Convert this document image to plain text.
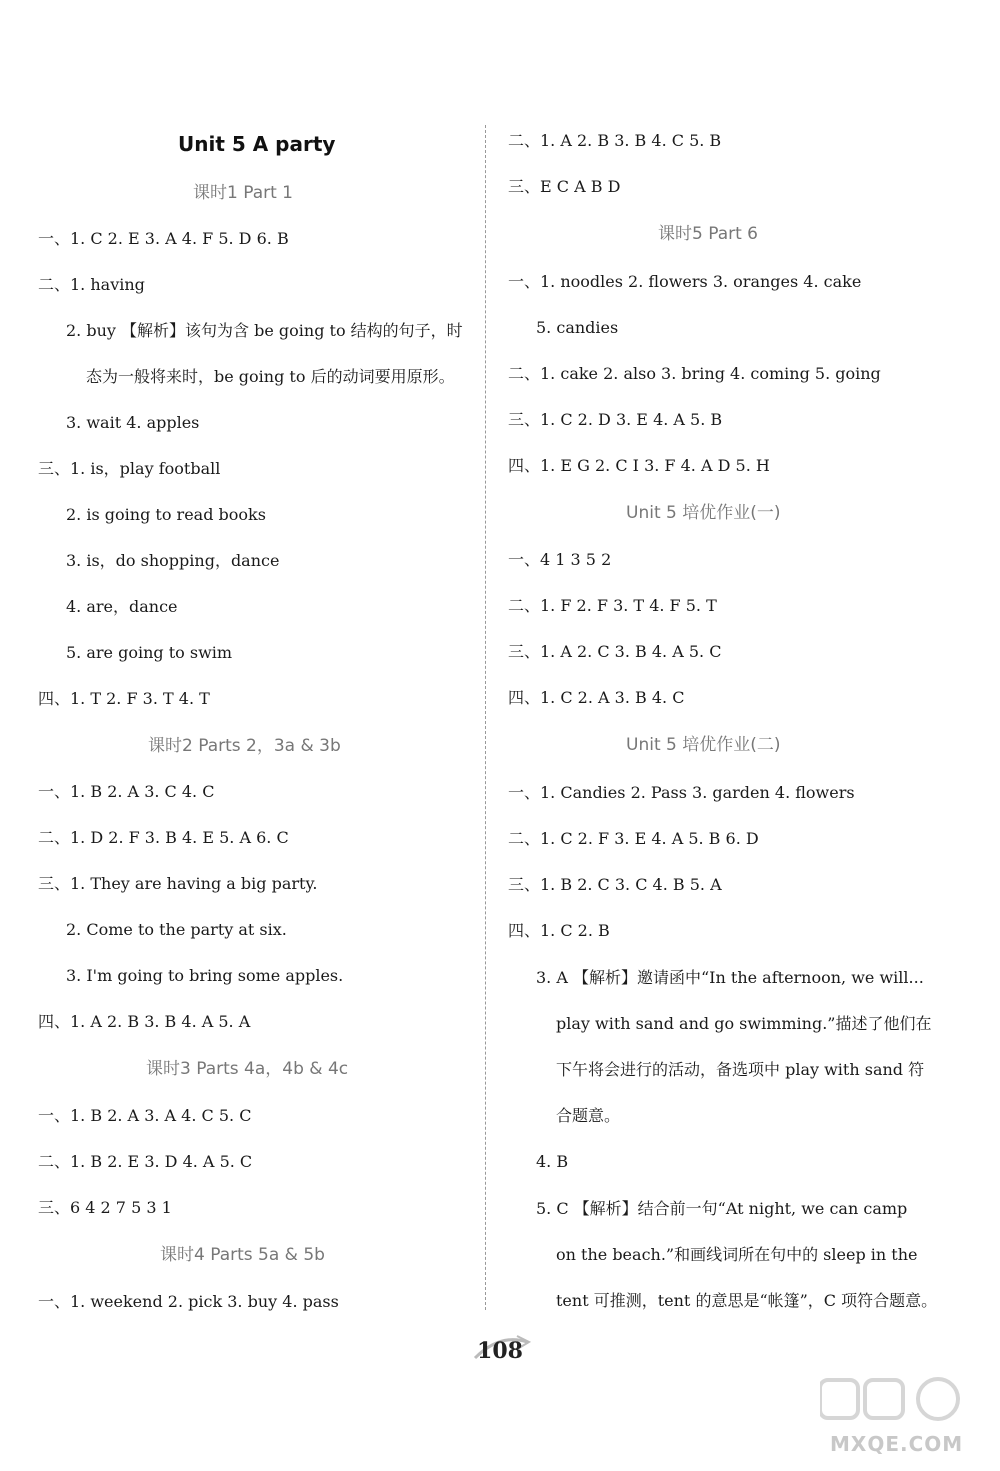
Unit 5 A party
课时1 Part 1
一、1. C 2. E 3. A 4. F 5. D 6. B
二、1. having
2. buy 【解析】该句为含 be going to 结构的句子，时
态为一般将来时，be going to 后的动词要用原形。
3. wait 4. apples
三、1. is，play football
2. is going to read books
3. is，do shopping，dance
4. are，dance
5. are going to swim
四、1. T 2. F 3. T 4. T
课时2 Parts 2，3a & 3b
一、1. B 2. A 3. C 4. C
二、1. D 2. F 3. B 4. E 5. A 6. C
三、1. They are having a big party.
2. Come to the party at six.
3. I'm going to bring some apples.
四、1. A 2. B 3. B 4. A 5. A
课时3 Parts 4a，4b & 4c
一、1. B 2. A 3. A 4. C 5. C
二、1. B 2. E 3. D 4. A 5. C
三、6 4 2 7 5 3 1
课时4 Parts 5a & 5b
一、1. weekend 2. pick 3. buy 4. pass
二、1. A 2. B 3. B 4. C 5. B
三、E C A B D
课时5 Part 6
一、1. noodles 2. flowers 3. oranges 4. cake
5. candies
二、1. cake 2. also 3. bring 4. coming 5. going
三、1. C 2. D 3. E 4. A 5. B
四、1. E G 2. C I 3. F 4. A D 5. H
Unit 5 培优作业(一)
一、4 1 3 5 2
二、1. F 2. F 3. T 4. F 5. T
三、1. A 2. C 3. B 4. A 5. C
四、1. C 2. A 3. B 4. C
Unit 5 培优作业(二)
一、1. Candies 2. Pass 3. garden 4. flowers
二、1. C 2. F 3. E 4. A 5. B 6. D
三、1. B 2. C 3. C 4. B 5. A
四、1. C 2. B
3. A 【解析】邀请函中“In the afternoon, we will...
play with sand and go swimming.”描述了他们在
下午将会进行的活动，备选项中 play with sand 符
合题意。
4. B
5. C 【解析】结合前一句“At night, we can camp
on the beach.”和画线词所在句中的 sleep in the
tent 可推测，tent 的意思是“帐篷”，C 项符合题意。
108
MXQE.COM
